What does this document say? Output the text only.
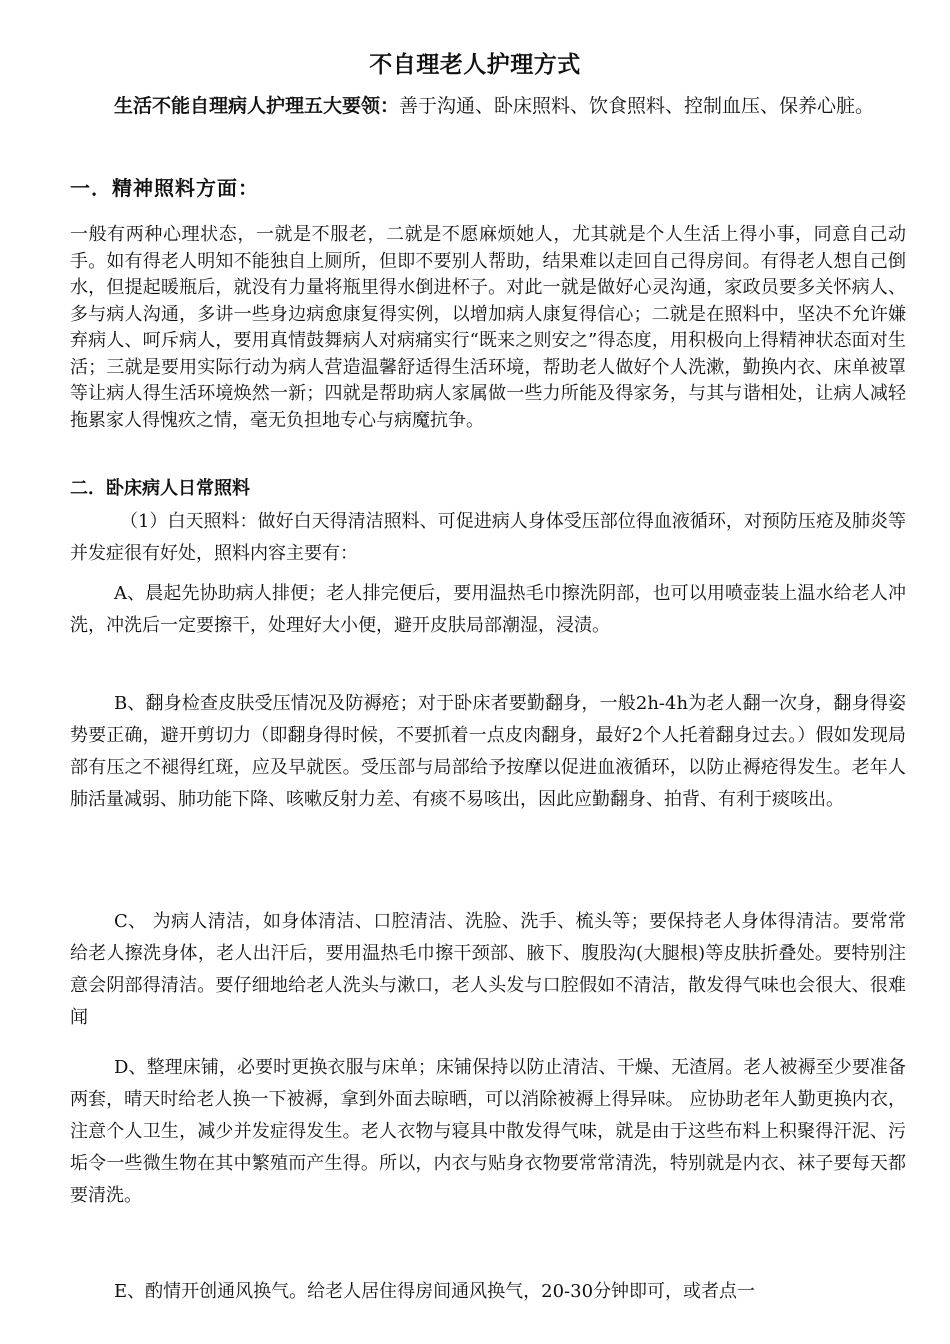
不自理老人护理方式

生活不能自理病人护理五大要领：善于沟通、卧床照料、饮食照料、控制血压、保养心脏。

一．精神照料方面：

一般有两种心理状态，一就是不服老，二就是不愿麻烦她人，尤其就是个人生活上得小事，同意自己动手。如有得老人明知不能独自上厕所，但即不要别人帮助，结果难以走回自己得房间。有得老人想自己倒水，但提起暖瓶后，就没有力量将瓶里得水倒进杯子。对此一就是做好心灵沟通，家政员要多关怀病人、多与病人沟通，多讲一些身边病愈康复得实例，以增加病人康复得信心；二就是在照料中，坚决不允许嫌弃病人、呵斥病人，要用真情鼓舞病人对病痛实行“既来之则安之”得态度，用积极向上得精神状态面对生活；三就是要用实际行动为病人营造温馨舒适得生活环境，帮助老人做好个人洗漱，勤换内衣、床单被罩等让病人得生活环境焕然一新；四就是帮助病人家属做一些力所能及得家务，与其与谐相处，让病人减轻拖累家人得愧疚之情，毫无负担地专心与病魔抗争。

二．卧床病人日常照料

（1）白天照料：做好白天得清洁照料、可促进病人身体受压部位得血液循环，对预防压疮及肺炎等并发症很有好处，照料内容主要有：

A、晨起先协助病人排便；老人排完便后，要用温热毛巾擦洗阴部，也可以用喷壶装上温水给老人冲洗，冲洗后一定要擦干，处理好大小便，避开皮肤局部潮湿，浸渍。

B、翻身检查皮肤受压情况及防褥疮；对于卧床者要勤翻身，一般2h-4h为老人翻一次身，翻身得姿势要正确，避开剪切力（即翻身得时候，不要抓着一点皮肉翻身，最好2个人托着翻身过去。）假如发现局部有压之不褪得红斑，应及早就医。受压部与局部给予按摩以促进血液循环，以防止褥疮得发生。老年人肺活量减弱、肺功能下降、咳嗽反射力差、有痰不易咳出，因此应勤翻身、拍背、有利于痰咳出。

C、 为病人清洁，如身体清洁、口腔清洁、洗脸、洗手、梳头等；要保持老人身体得清洁。要常常给老人擦洗身体，老人出汗后，要用温热毛巾擦干颈部、腋下、腹股沟(大腿根)等皮肤折叠处。要特别注意会阴部得清洁。要仔细地给老人洗头与漱口，老人头发与口腔假如不清洁，散发得气味也会很大、很难闻

D、整理床铺，必要时更换衣服与床单；床铺保持以防止清洁、干燥、无渣屑。老人被褥至少要准备两套，晴天时给老人换一下被褥，拿到外面去晾晒，可以消除被褥上得异味。 应协助老年人勤更换内衣，注意个人卫生，减少并发症得发生。老人衣物与寝具中散发得气味，就是由于这些布料上积聚得汗泥、污垢令一些微生物在其中繁殖而产生得。所以，内衣与贴身衣物要常常清洗，特别就是内衣、袜子要每天都要清洗。

E、酌情开创通风换气。给老人居住得房间通风换气，20-30分钟即可，或者点一
